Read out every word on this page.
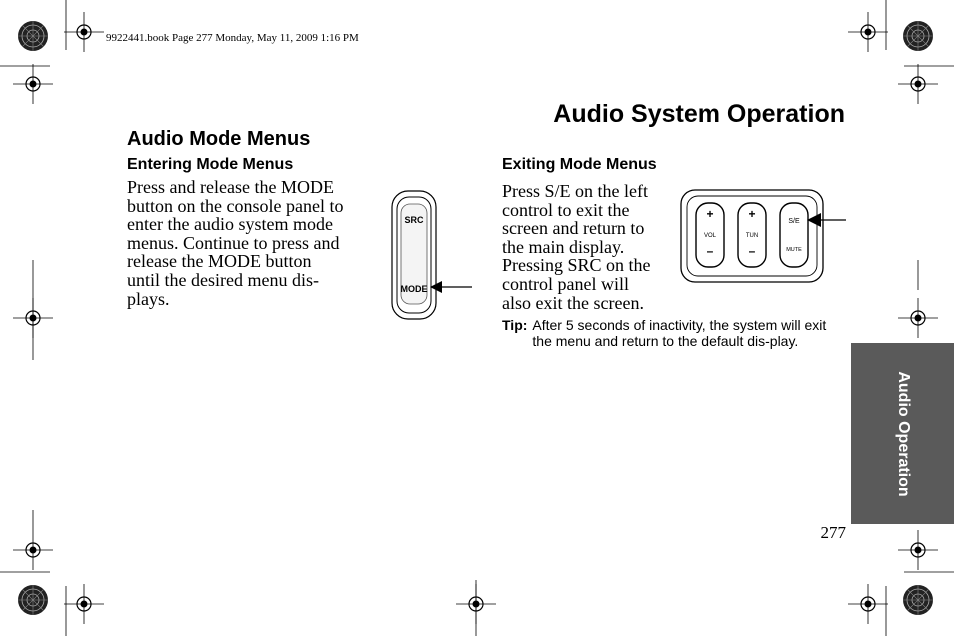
9922441.book Page 277 Monday, May 11, 2009 1:16 PM
Audio System Operation
Audio Mode Menus
Entering Mode Menus
Press and release the MODE
button on the console panel to
enter the audio system mode
menus. Continue to press and
release the MODE button
until the desired menu dis-
plays.
SRC
MODE
Exiting Mode Menus
Press S/E on the left
control to exit the
screen and return to
the main display.
Pressing SRC on the
control panel will
also exit the screen.
+
VOL
–
+
TUN
–
S/E
MUTE
Tip: After 5 seconds of inactivity, the system will exit the menu and return to the default dis-play.
Audio Operation
277
